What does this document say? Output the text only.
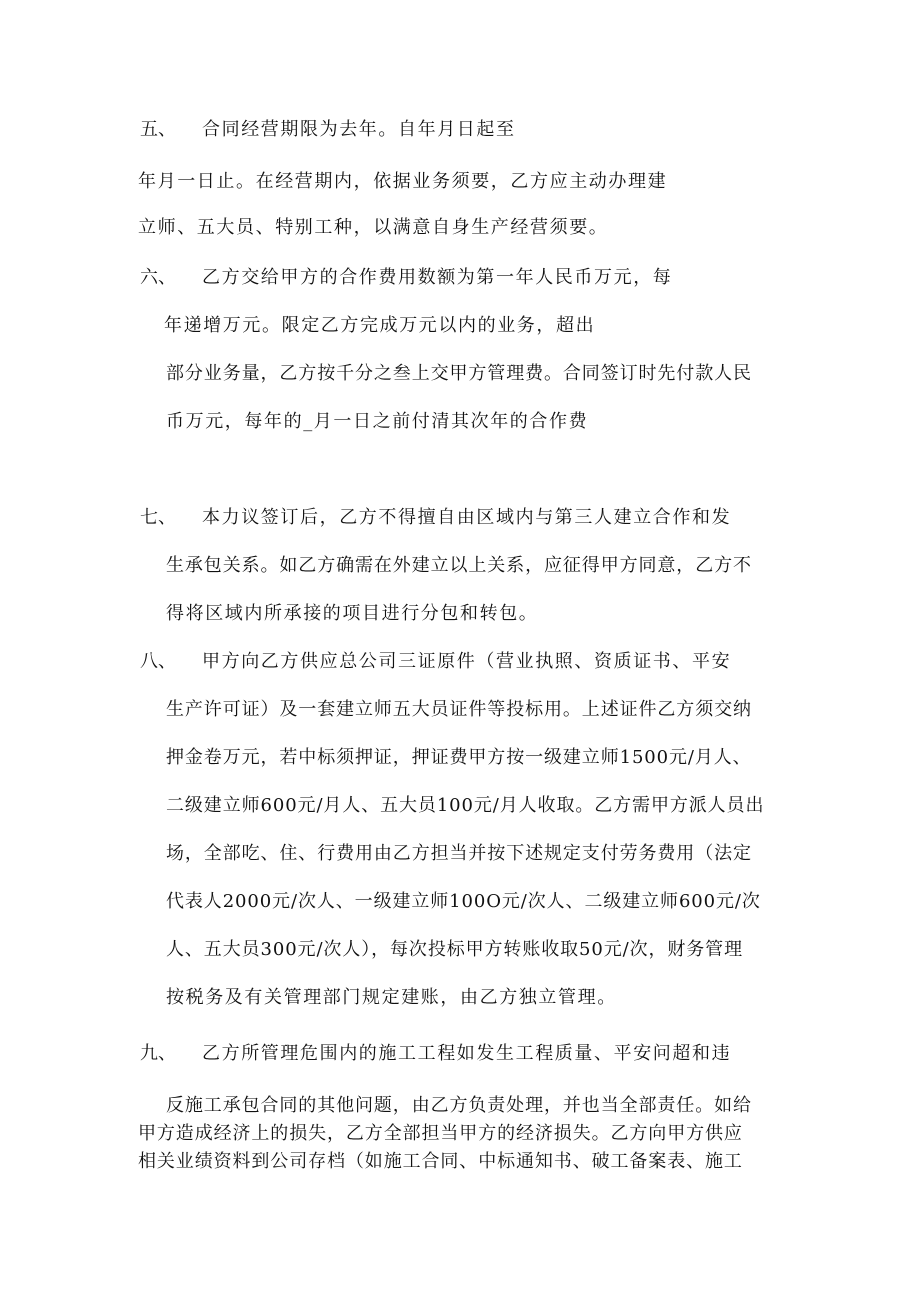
五、 合同经营期限为去年。自年月日起至
年月一日止。在经营期内，依据业务须要，乙方应主动办理建
立师、五大员、特别工种，以满意自身生产经营须要。
六、 乙方交给甲方的合作费用数额为第一年人民币万元，每
年递增万元。限定乙方完成万元以内的业务，超出
部分业务量，乙方按千分之叁上交甲方管理费。合同签订时先付款人民
币万元，每年的_月一日之前付清其次年的合作费
七、 本力议签订后，乙方不得擅自由区域内与第三人建立合作和发
生承包关系。如乙方确需在外建立以上关系，应征得甲方同意，乙方不
得将区域内所承接的项目进行分包和转包。
八、 甲方向乙方供应总公司三证原件（营业执照、资质证书、平安
生产许可证）及一套建立师五大员证件等投标用。上述证件乙方须交纳
押金卷万元，若中标须押证，押证费甲方按一级建立师1500元/月人、
二级建立师600元/月人、五大员100元/月人收取。乙方需甲方派人员出
场，全部吃、住、行费用由乙方担当并按下述规定支付劳务费用（法定
代表人2000元/次人、一级建立师100O元/次人、二级建立师600元/次
人、五大员300元/次人），每次投标甲方转账收取50元/次，财务管理
按税务及有关管理部门规定建账，由乙方独立管理。
九、 乙方所管理危围内的施工工程如发生工程质量、平安问超和违
反施工承包合同的其他问题，由乙方负责处理，并也当全部责任。如给
甲方造成经济上的损失，乙方全部担当甲方的经济损失。乙方向甲方供应
相关业绩资料到公司存档（如施工合同、中标通知书、破工备案表、施工
